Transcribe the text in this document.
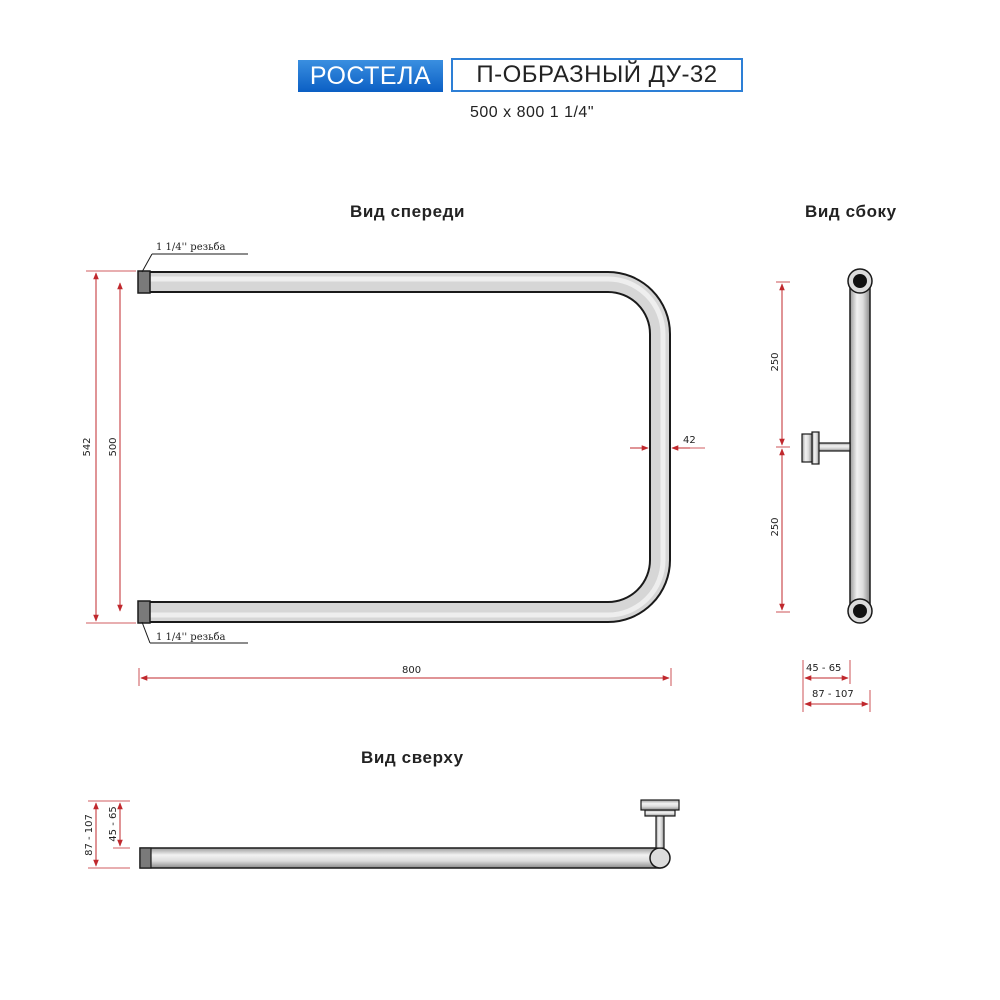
РОСТЕЛА	П-ОБРАЗНЫЙ ДУ-32
500 x 800 1 1/4"
Вид спереди	Вид сбоку
Вид сверху
1 1/4'' резьба
1 1/4'' резьба
542 500	42
800
250
250
45 - 65
87 - 107
87 - 107 45 - 65
